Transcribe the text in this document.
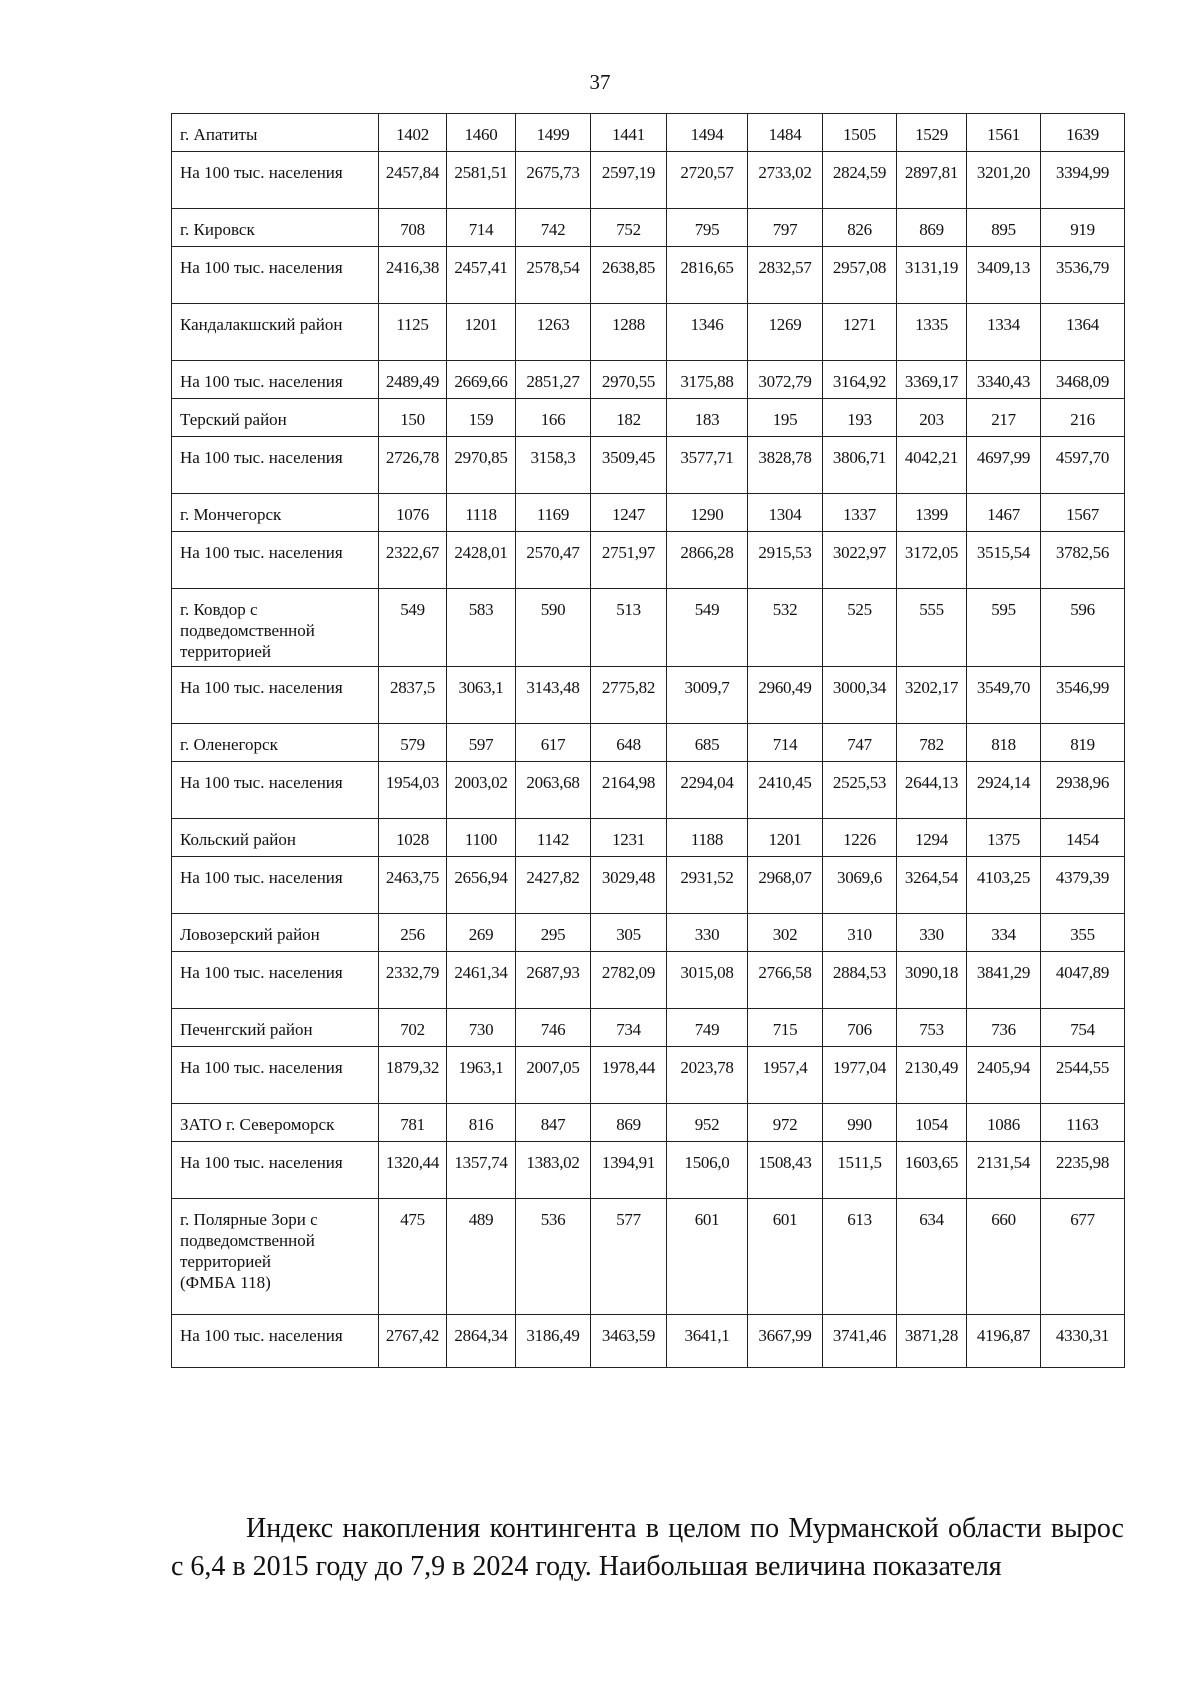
37
г. Апатиты	1402	1460	1499	1441	1494	1484	1505	1529	1561	1639
На 100 тыс. населения	2457,84	2581,51	2675,73	2597,19	2720,57	2733,02	2824,59	2897,81	3201,20	3394,99
г. Кировск	708	714	742	752	795	797	826	869	895	919
На 100 тыс. населения	2416,38	2457,41	2578,54	2638,85	2816,65	2832,57	2957,08	3131,19	3409,13	3536,79
Кандалакшский район	1125	1201	1263	1288	1346	1269	1271	1335	1334	1364
На 100 тыс. населения	2489,49	2669,66	2851,27	2970,55	3175,88	3072,79	3164,92	3369,17	3340,43	3468,09
Терский район	150	159	166	182	183	195	193	203	217	216
На 100 тыс. населения	2726,78	2970,85	3158,3	3509,45	3577,71	3828,78	3806,71	4042,21	4697,99	4597,70
г. Мончегорск	1076	1118	1169	1247	1290	1304	1337	1399	1467	1567
На 100 тыс. населения	2322,67	2428,01	2570,47	2751,97	2866,28	2915,53	3022,97	3172,05	3515,54	3782,56
г. Ковдор с
подведомственной
территорией	549	583	590	513	549	532	525	555	595	596
На 100 тыс. населения	2837,5	3063,1	3143,48	2775,82	3009,7	2960,49	3000,34	3202,17	3549,70	3546,99
г. Оленегорск	579	597	617	648	685	714	747	782	818	819
На 100 тыс. населения	1954,03	2003,02	2063,68	2164,98	2294,04	2410,45	2525,53	2644,13	2924,14	2938,96
Кольский район	1028	1100	1142	1231	1188	1201	1226	1294	1375	1454
На 100 тыс. населения	2463,75	2656,94	2427,82	3029,48	2931,52	2968,07	3069,6	3264,54	4103,25	4379,39
Ловозерский район	256	269	295	305	330	302	310	330	334	355
На 100 тыс. населения	2332,79	2461,34	2687,93	2782,09	3015,08	2766,58	2884,53	3090,18	3841,29	4047,89
Печенгский район	702	730	746	734	749	715	706	753	736	754
На 100 тыс. населения	1879,32	1963,1	2007,05	1978,44	2023,78	1957,4	1977,04	2130,49	2405,94	2544,55
ЗАТО г. Североморск	781	816	847	869	952	972	990	1054	1086	1163
На 100 тыс. населения	1320,44	1357,74	1383,02	1394,91	1506,0	1508,43	1511,5	1603,65	2131,54	2235,98
г. Полярные Зори с
подведомственной
территорией
(ФМБА 118)	475	489	536	577	601	601	613	634	660	677
На 100 тыс. населения	2767,42	2864,34	3186,49	3463,59	3641,1	3667,99	3741,46	3871,28	4196,87	4330,31
Индекс накопления контингента в целом по Мурманской области вырос с 6,4 в 2015 году до 7,9 в 2024 году. Наибольшая величина показателя
